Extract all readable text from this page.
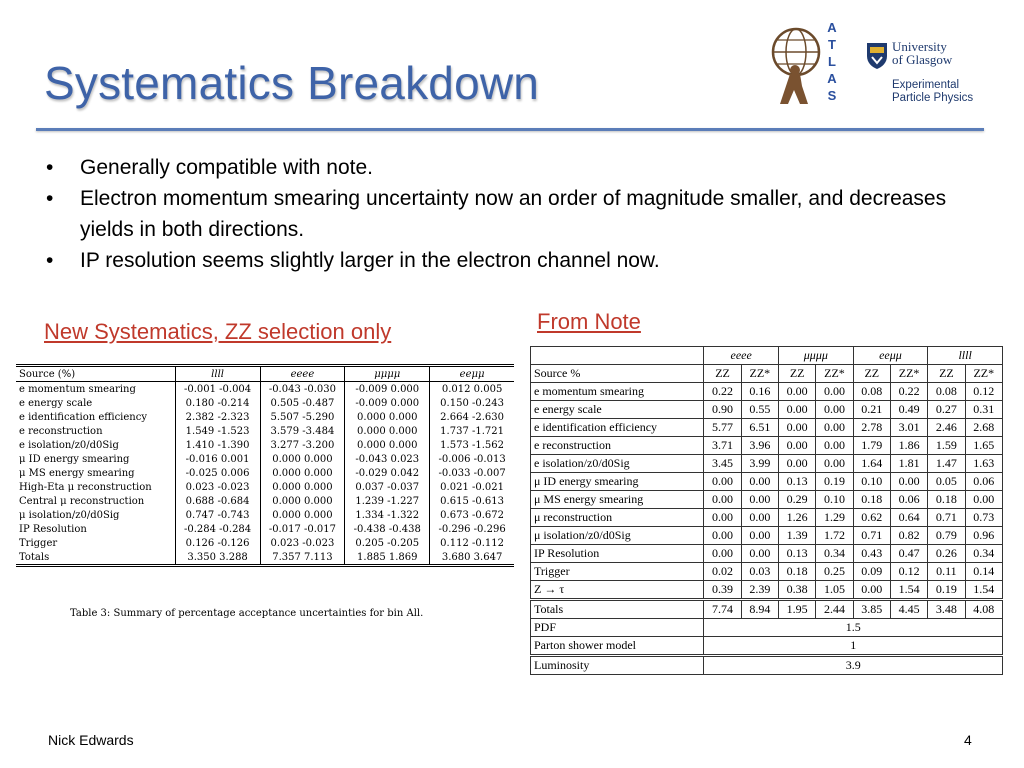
Systematics Breakdown
A
T
L
A
S
University
of Glasgow
Experimental
Particle Physics
• Generally compatible with note.
• Electron momentum smearing uncertainty now an order of magnitude smaller, and decreases yields in both directions.
• IP resolution seems slightly larger in the electron channel now.
New Systematics, ZZ selection only	From Note
Source (%)	llll	eeee	μμμμ	eeμμ
e momentum smearing	-0.001 -0.004	-0.043 -0.030	-0.009 0.000	0.012 0.005
e energy scale	0.180 -0.214	0.505 -0.487	-0.009 0.000	0.150 -0.243
e identification efficiency	2.382 -2.323	5.507 -5.290	0.000 0.000	2.664 -2.630
e reconstruction	1.549 -1.523	3.579 -3.484	0.000 0.000	1.737 -1.721
e isolation/z0/d0Sig	1.410 -1.390	3.277 -3.200	0.000 0.000	1.573 -1.562
μ ID energy smearing	-0.016 0.001	0.000 0.000	-0.043 0.023	-0.006 -0.013
μ MS energy smearing	-0.025 0.006	0.000 0.000	-0.029 0.042	-0.033 -0.007
High-Eta μ reconstruction	0.023 -0.023	0.000 0.000	0.037 -0.037	0.021 -0.021
Central μ reconstruction	0.688 -0.684	0.000 0.000	1.239 -1.227	0.615 -0.613
μ isolation/z0/d0Sig	0.747 -0.743	0.000 0.000	1.334 -1.322	0.673 -0.672
IP Resolution	-0.284 -0.284	-0.017 -0.017	-0.438 -0.438	-0.296 -0.296
Trigger	0.126 -0.126	0.023 -0.023	0.205 -0.205	0.112 -0.112
Totals	3.350 3.288	7.357 7.113	1.885 1.869	3.680 3.647
Table 3: Summary of percentage acceptance uncertainties for bin All.
	eeee		μμμμ		eeμμ		llll	
Source %	ZZ	ZZ*	ZZ	ZZ*	ZZ	ZZ*	ZZ	ZZ*
e momentum smearing	0.22	0.16	0.00	0.00	0.08	0.22	0.08	0.12
e energy scale	0.90	0.55	0.00	0.00	0.21	0.49	0.27	0.31
e identification efficiency	5.77	6.51	0.00	0.00	2.78	3.01	2.46	2.68
e reconstruction	3.71	3.96	0.00	0.00	1.79	1.86	1.59	1.65
e isolation/z0/d0Sig	3.45	3.99	0.00	0.00	1.64	1.81	1.47	1.63
μ ID energy smearing	0.00	0.00	0.13	0.19	0.10	0.00	0.05	0.06
μ MS energy smearing	0.00	0.00	0.29	0.10	0.18	0.06	0.18	0.00
μ reconstruction	0.00	0.00	1.26	1.29	0.62	0.64	0.71	0.73
μ isolation/z0/d0Sig	0.00	0.00	1.39	1.72	0.71	0.82	0.79	0.96
IP Resolution	0.00	0.00	0.13	0.34	0.43	0.47	0.26	0.34
Trigger	0.02	0.03	0.18	0.25	0.09	0.12	0.11	0.14
Z → τ	0.39	2.39	0.38	1.05	0.00	1.54	0.19	1.54
Totals	7.74	8.94	1.95	2.44	3.85	4.45	3.48	4.08
PDF	1.5							
Parton shower model	1							
Luminosity	3.9							
Nick Edwards	4
